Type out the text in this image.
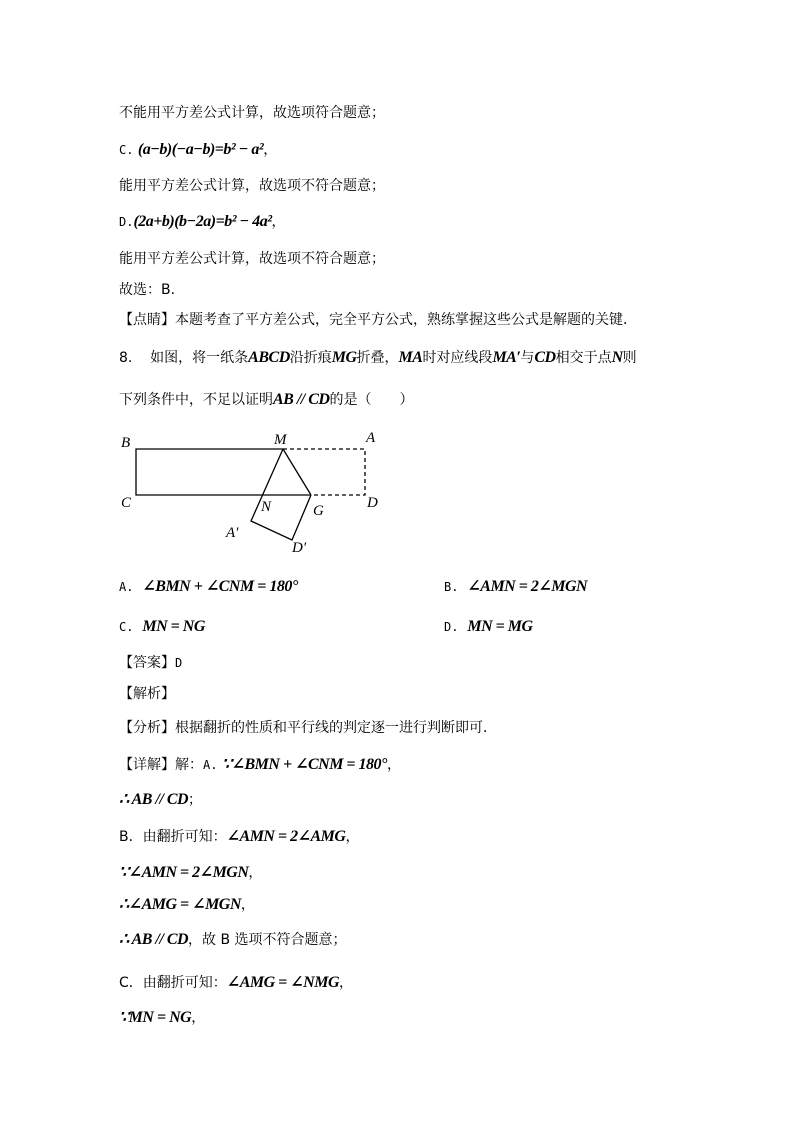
不能用平方差公式计算，故选项符合题意；
C. (a−b)(−a−b)=b² − a²，
能用平方差公式计算，故选项不符合题意；
D.(2a+b)(b−2a)=b² − 4a²，
能用平方差公式计算，故选项不符合题意；
故选：B．
【点睛】本题考查了平方差公式，完全平方公式，熟练掌握这些公式是解题的关键．
8. 如图，将一纸条ABCD沿折痕MG折叠，MA时对应线段MA′与CD相交于点N则
下列条件中，不足以证明AB // CD的是（　　）
B	M	A
C	D
N	G
A′
D′
A. ∠BMN + ∠CNM = 180°	B. ∠AMN = 2∠MGN
C. MN = NG	D. MN = MG
【答案】D
【解析】
【分析】根据翻折的性质和平行线的判定逐一进行判断即可．
【详解】解：A. ∵∠BMN + ∠CNM = 180°，
∴ AB // CD；
B．由翻折可知：∠AMN = 2∠AMG，
∵∠AMN = 2∠MGN，
∴∠AMG = ∠MGN，
∴ AB // CD，故 B 选项不符合题意；
C．由翻折可知：∠AMG = ∠NMG，
∵MN = NG，
